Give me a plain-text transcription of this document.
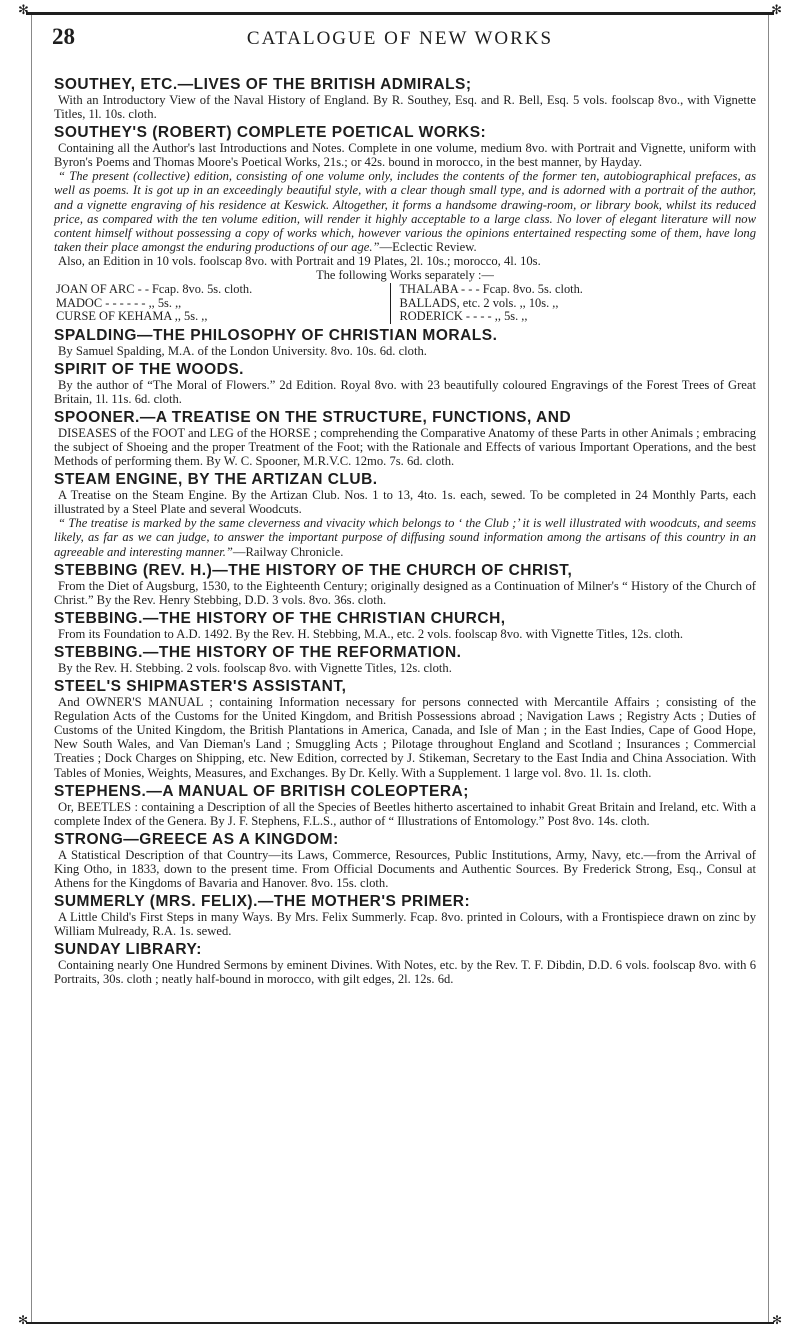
✻ ✻
28	CATALOGUE OF NEW WORKS
SOUTHEY, ETC.—LIVES OF THE BRITISH ADMIRALS;
With an Introductory View of the Naval History of England. By R. Southey, Esq. and R. Bell, Esq. 5 vols. foolscap 8vo., with Vignette Titles, 1l. 10s. cloth.
SOUTHEY'S (ROBERT) COMPLETE POETICAL WORKS:
Containing all the Author's last Introductions and Notes. Complete in one volume, medium 8vo. with Portrait and Vignette, uniform with Byron's Poems and Thomas Moore's Poetical Works, 21s.; or 42s. bound in morocco, in the best manner, by Hayday.
“ The present (collective) edition, consisting of one volume only, includes the contents of the former ten, autobiographical prefaces, as well as poems. It is got up in an exceedingly beautiful style, with a clear though small type, and is adorned with a portrait of the author, and a vignette engraving of his residence at Keswick. Altogether, it forms a handsome drawing-room, or library book, whilst its reduced price, as compared with the ten volume edition, will render it highly acceptable to a large class. No lover of elegant literature will now content himself without possessing a copy of works which, however various the opinions entertained respecting some of them, have long taken their place amongst the enduring productions of our age.”—Eclectic Review.
Also, an Edition in 10 vols. foolscap 8vo. with Portrait and 19 Plates, 2l. 10s.; morocco, 4l. 10s.
The following Works separately :—
JOAN OF ARC - - Fcap. 8vo. 5s. cloth.	THALABA - - - Fcap. 8vo. 5s. cloth.
MADOC - - - - - - ,, 5s. ,,	BALLADS, etc. 2 vols. ,, 10s. ,,
CURSE OF KEHAMA ,, 5s. ,,	RODERICK - - - - ,, 5s. ,,
SPALDING—THE PHILOSOPHY OF CHRISTIAN MORALS.
By Samuel Spalding, M.A. of the London University. 8vo. 10s. 6d. cloth.
SPIRIT OF THE WOODS.
By the author of “The Moral of Flowers.” 2d Edition. Royal 8vo. with 23 beautifully coloured Engravings of the Forest Trees of Great Britain, 1l. 11s. 6d. cloth.
SPOONER.—A TREATISE ON THE STRUCTURE, FUNCTIONS, AND
DISEASES of the FOOT and LEG of the HORSE ; comprehending the Comparative Anatomy of these Parts in other Animals ; embracing the subject of Shoeing and the proper Treatment of the Foot; with the Rationale and Effects of various Important Operations, and the best Methods of performing them. By W. C. Spooner, M.R.V.C. 12mo. 7s. 6d. cloth.
STEAM ENGINE, BY THE ARTIZAN CLUB.
A Treatise on the Steam Engine. By the Artizan Club. Nos. 1 to 13, 4to. 1s. each, sewed. To be completed in 24 Monthly Parts, each illustrated by a Steel Plate and several Woodcuts.
“ The treatise is marked by the same cleverness and vivacity which belongs to ‘ the Club ;’ it is well illustrated with woodcuts, and seems likely, as far as we can judge, to answer the important purpose of diffusing sound information among the artisans of this country in an agreeable and interesting manner.”—Railway Chronicle.
STEBBING (REV. H.)—THE HISTORY OF THE CHURCH OF CHRIST,
From the Diet of Augsburg, 1530, to the Eighteenth Century; originally designed as a Continuation of Milner's “ History of the Church of Christ.” By the Rev. Henry Stebbing, D.D. 3 vols. 8vo. 36s. cloth.
STEBBING.—THE HISTORY OF THE CHRISTIAN CHURCH,
From its Foundation to A.D. 1492. By the Rev. H. Stebbing, M.A., etc. 2 vols. foolscap 8vo. with Vignette Titles, 12s. cloth.
STEBBING.—THE HISTORY OF THE REFORMATION.
By the Rev. H. Stebbing. 2 vols. foolscap 8vo. with Vignette Titles, 12s. cloth.
STEEL'S SHIPMASTER'S ASSISTANT,
And OWNER'S MANUAL ; containing Information necessary for persons connected with Mercantile Affairs ; consisting of the Regulation Acts of the Customs for the United Kingdom, and British Possessions abroad ; Navigation Laws ; Registry Acts ; Duties of Customs of the United Kingdom, the British Plantations in America, Canada, and Isle of Man ; in the East Indies, Cape of Good Hope, New South Wales, and Van Dieman's Land ; Smuggling Acts ; Pilotage throughout England and Scotland ; Insurances ; Commercial Treaties ; Dock Charges on Shipping, etc. New Edition, corrected by J. Stikeman, Secretary to the East India and China Association. With Tables of Monies, Weights, Measures, and Exchanges. By Dr. Kelly. With a Supplement. 1 large vol. 8vo. 1l. 1s. cloth.
STEPHENS.—A MANUAL OF BRITISH COLEOPTERA;
Or, BEETLES : containing a Description of all the Species of Beetles hitherto ascertained to inhabit Great Britain and Ireland, etc. With a complete Index of the Genera. By J. F. Stephens, F.L.S., author of “ Illustrations of Entomology.” Post 8vo. 14s. cloth.
STRONG—GREECE AS A KINGDOM:
A Statistical Description of that Country—its Laws, Commerce, Resources, Public Institutions, Army, Navy, etc.—from the Arrival of King Otho, in 1833, down to the present time. From Official Documents and Authentic Sources. By Frederick Strong, Esq., Consul at Athens for the Kingdoms of Bavaria and Hanover. 8vo. 15s. cloth.
SUMMERLY (MRS. FELIX).—THE MOTHER'S PRIMER:
A Little Child's First Steps in many Ways. By Mrs. Felix Summerly. Fcap. 8vo. printed in Colours, with a Frontispiece drawn on zinc by William Mulready, R.A. 1s. sewed.
SUNDAY LIBRARY:
Containing nearly One Hundred Sermons by eminent Divines. With Notes, etc. by the Rev. T. F. Dibdin, D.D. 6 vols. foolscap 8vo. with 6 Portraits, 30s. cloth ; neatly half-bound in morocco, with gilt edges, 2l. 12s. 6d.
✻ ✻
